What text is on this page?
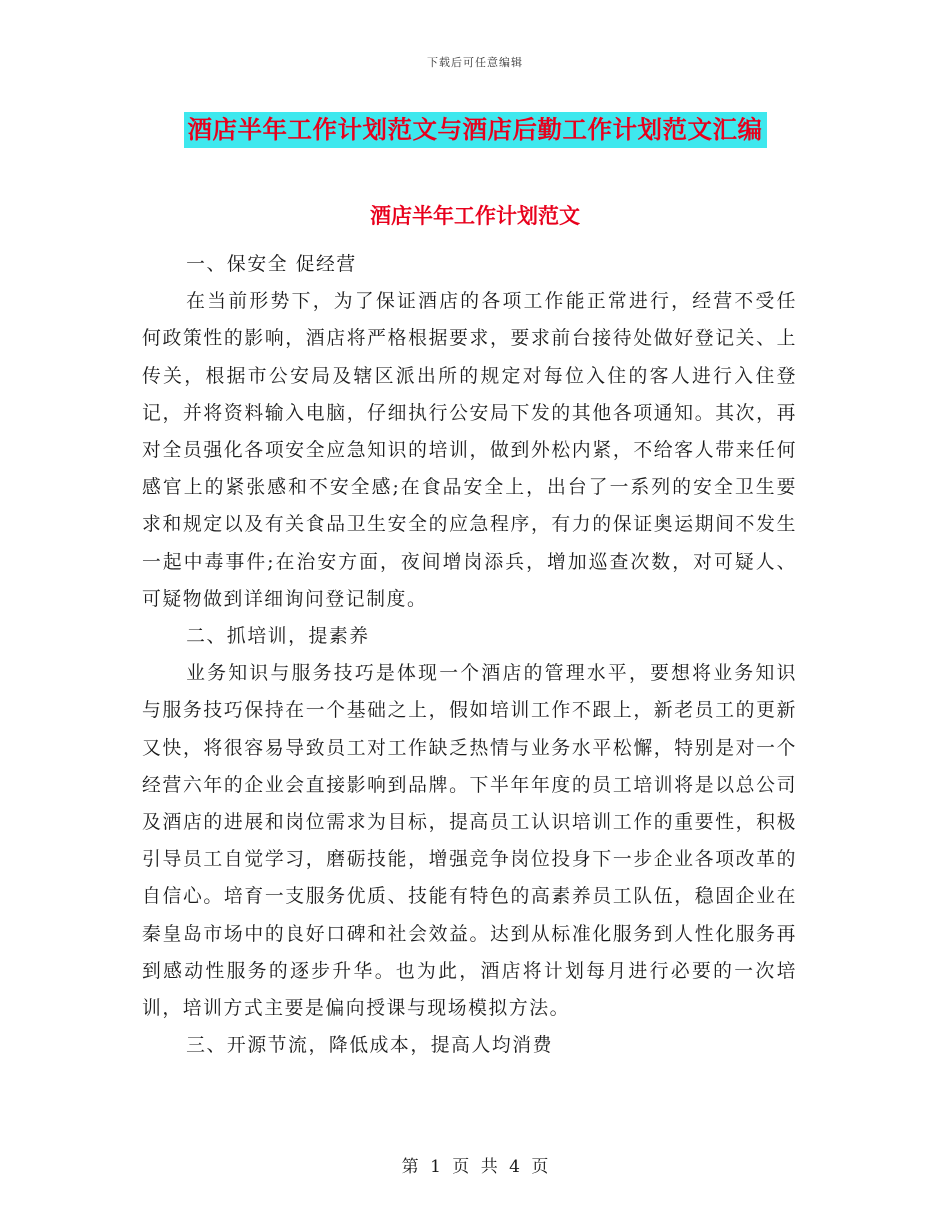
下载后可任意编辑
酒店半年工作计划范文与酒店后勤工作计划范文汇编
酒店半年工作计划范文

一、保安全 促经营

在当前形势下，为了保证酒店的各项工作能正常进行，经营不受任何政策性的影响，酒店将严格根据要求，要求前台接待处做好登记关、上传关，根据市公安局及辖区派出所的规定对每位入住的客人进行入住登记，并将资料输入电脑，仔细执行公安局下发的其他各项通知。其次，再对全员强化各项安全应急知识的培训，做到外松内紧，不给客人带来任何感官上的紧张感和不安全感;在食品安全上，出台了一系列的安全卫生要求和规定以及有关食品卫生安全的应急程序，有力的保证奥运期间不发生一起中毒事件;在治安方面，夜间增岗添兵，增加巡查次数，对可疑人、可疑物做到详细询问登记制度。

二、抓培训，提素养

业务知识与服务技巧是体现一个酒店的管理水平，要想将业务知识与服务技巧保持在一个基础之上，假如培训工作不跟上，新老员工的更新又快，将很容易导致员工对工作缺乏热情与业务水平松懈，特别是对一个经营六年的企业会直接影响到品牌。下半年年度的员工培训将是以总公司及酒店的进展和岗位需求为目标，提高员工认识培训工作的重要性，积极引导员工自觉学习，磨砺技能，增强竞争岗位投身下一步企业各项改革的自信心。培育一支服务优质、技能有特色的高素养员工队伍，稳固企业在秦皇岛市场中的良好口碑和社会效益。达到从标准化服务到人性化服务再到感动性服务的逐步升华。也为此，酒店将计划每月进行必要的一次培训，培训方式主要是偏向授课与现场模拟方法。

三、开源节流，降低成本，提高人均消费

第 1 页 共 4 页
